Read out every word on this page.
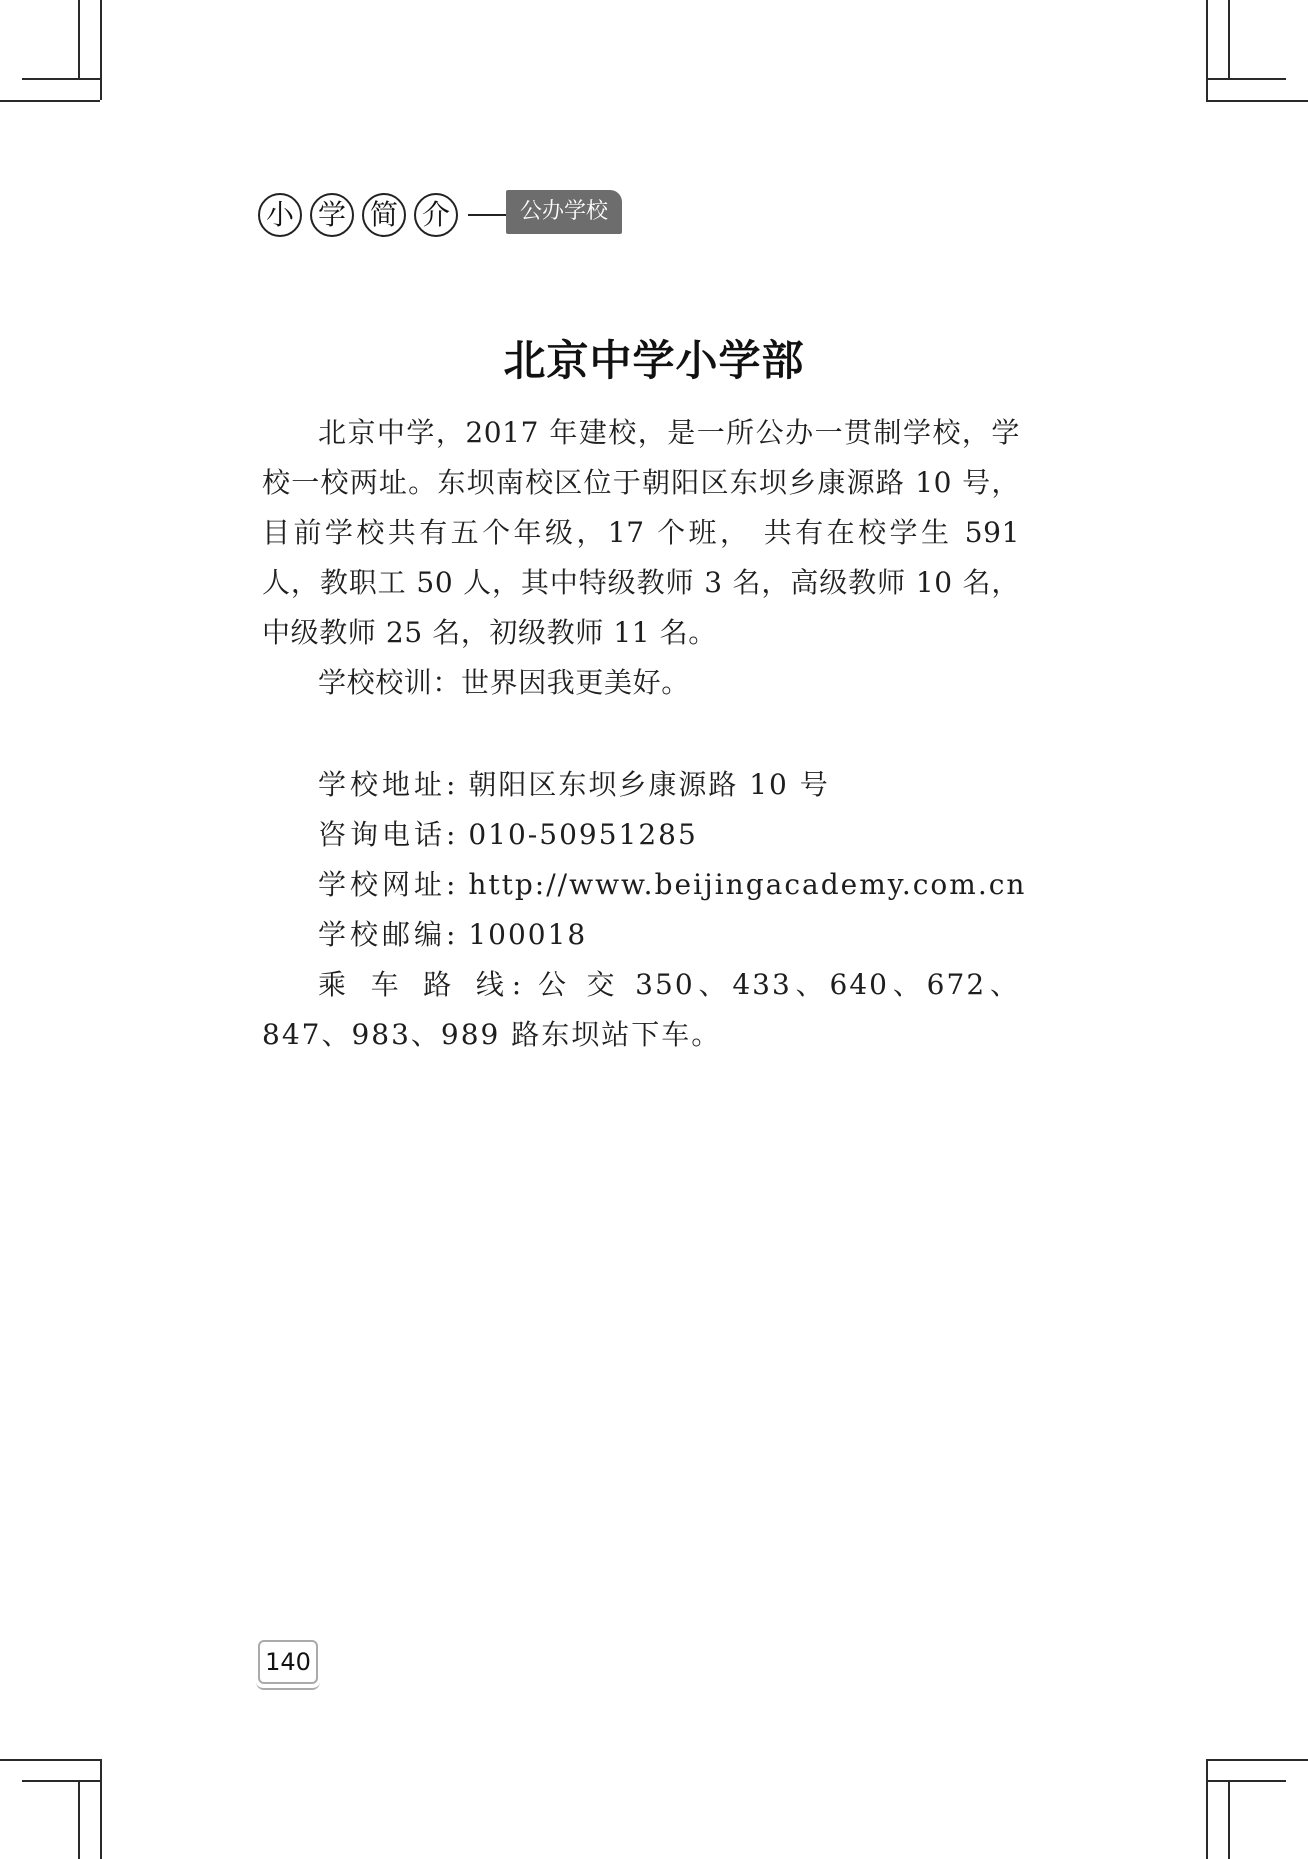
小 学 简 介	公办学校
北京中学小学部

北京中学，2017 年建校，是一所公办一贯制学校，学校一校两址。东坝南校区位于朝阳区东坝乡康源路 10 号，目前学校共有五个年级，17 个班， 共有在校学生 591 人，教职工 50 人，其中特级教师 3 名，高级教师 10 名，中级教师 25 名，初级教师 11 名。

学校校训：世界因我更美好。

学校地址: 朝阳区东坝乡康源路 10 号
咨询电话: 010-50951285
学校网址: http://www.beijingacademy.com.cn
学校邮编: 100018
乘 车 路 线: 公 交 350、433、640、672、847、983、989 路东坝站下车。
140
